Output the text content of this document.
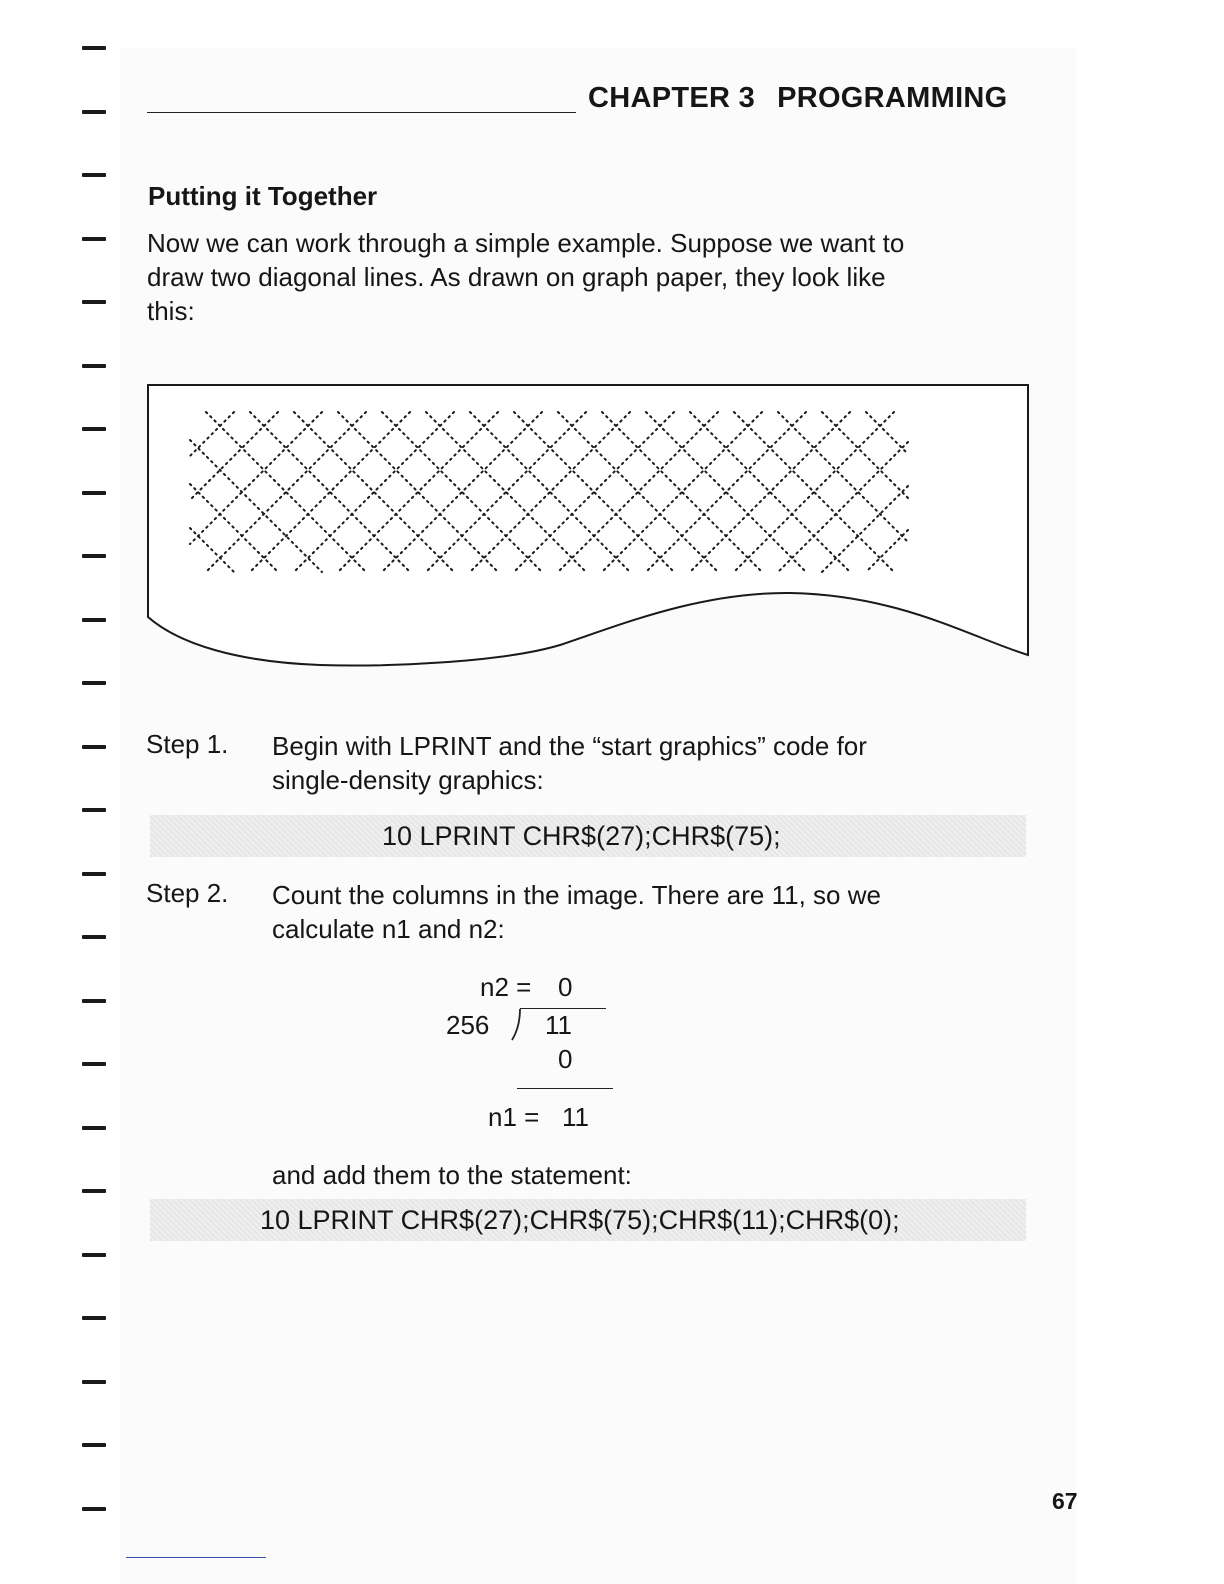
CHAPTER 3 PROGRAMMING
Putting it Together

Now we can work through a simple example. Suppose we want to
draw two diagonal lines. As drawn on graph paper, they look like
this:

Step 1. Begin with LPRINT and the “start graphics” code for
single-density graphics:

10 LPRINT CHR$(27);CHR$(75);
Step 2. Count the columns in the image. There are 11, so we
calculate n1 and n2:

n2 = 0
256 11
0
n1 = 11
and add them to the statement:
10 LPRINT CHR$(27);CHR$(75);CHR$(11);CHR$(0);
67
